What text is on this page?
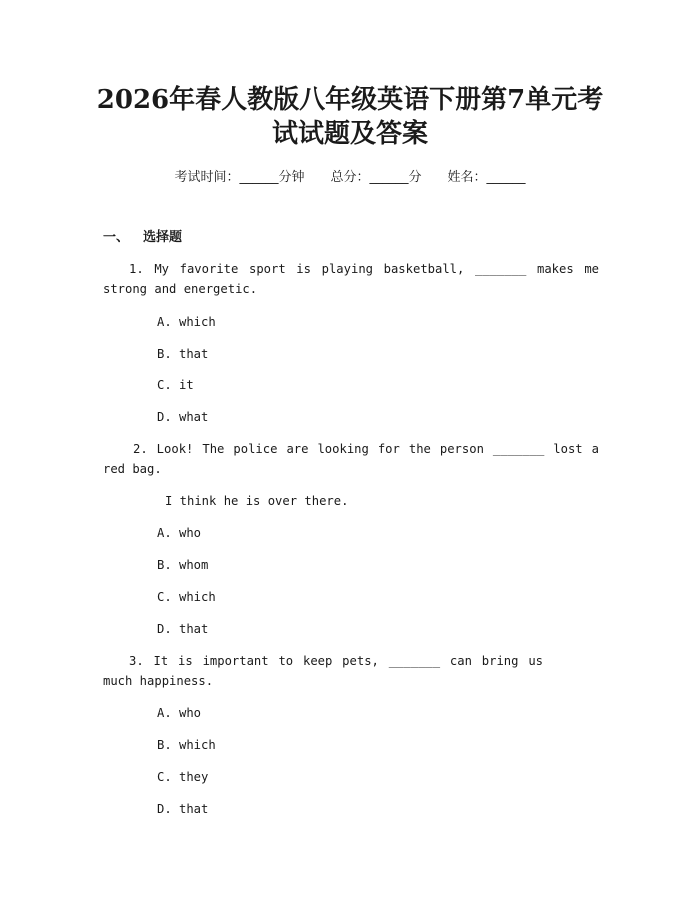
2026年春人教版八年级英语下册第7单元考
试试题及答案
考试时间：______分钟 总分：______分 姓名：______
一、 选择题

1. My favorite sport is playing basketball, _______ makes me strong and energetic.

A. which

B. that

C. it

D. what

2. Look! The police are looking for the person _______ lost a red bag.

I think he is over there.

A. who

B. whom

C. which

D. that

3. It is important to keep pets, _______ can bring us much happiness.

A. who

B. which

C. they

D. that
